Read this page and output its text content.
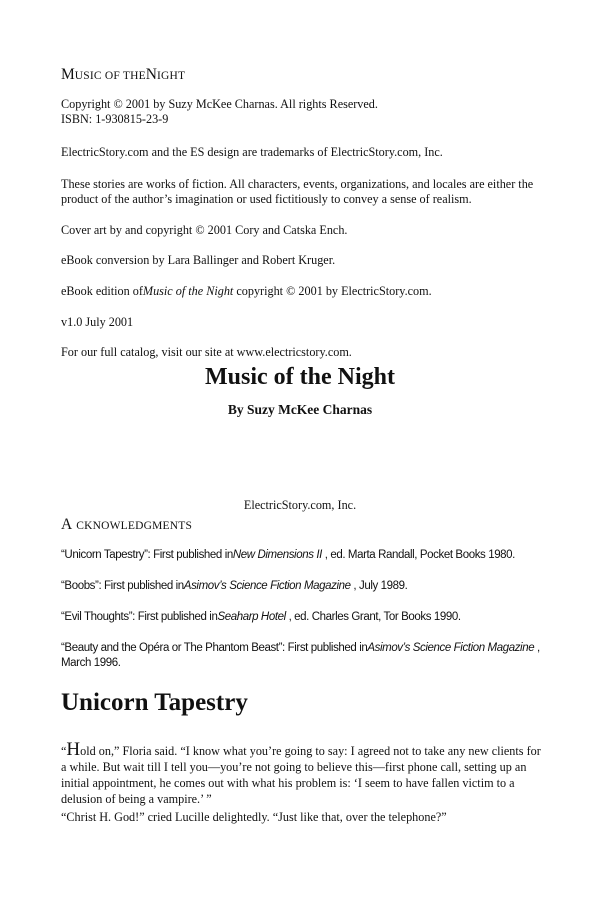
MUSIC OF THENIGHT

Copyright © 2001 by Suzy McKee Charnas. All rights Reserved.

ISBN: 1-930815-23-9

ElectricStory.com and the ES design are trademarks of ElectricStory.com, Inc.

These stories are works of fiction. All characters, events, organizations, and locales are either the product of the author’s imagination or used fictitiously to convey a sense of realism.

Cover art by and copyright © 2001 Cory and Catska Ench.

eBook conversion by Lara Ballinger and Robert Kruger.

eBook edition ofMusic of the Night copyright © 2001 by ElectricStory.com.

v1.0 July 2001

For our full catalog, visit our site at www.electricstory.com.

Music of the Night

By Suzy McKee Charnas

ElectricStory.com, Inc.

A CKNOWLEDGMENTS

“Unicorn Tapestry”: First published inNew Dimensions II , ed. Marta Randall, Pocket Books 1980.

“Boobs”: First published inAsimov’s Science Fiction Magazine , July 1989.

“Evil Thoughts”: First published inSeaharp Hotel , ed. Charles Grant, Tor Books 1990.

“Beauty and the Opéra or The Phantom Beast”: First published inAsimov’s Science Fiction Magazine , March 1996.

Unicorn Tapestry

“Hold on,” Floria said. “I know what you’re going to say: I agreed not to take any new clients for a while. But wait till I tell you—you’re not going to believe this—first phone call, setting up an initial appointment, he comes out with what his problem is: ‘I seem to have fallen victim to a delusion of being a vampire.’ ”

“Christ H. God!” cried Lucille delightedly. “Just like that, over the telephone?”
